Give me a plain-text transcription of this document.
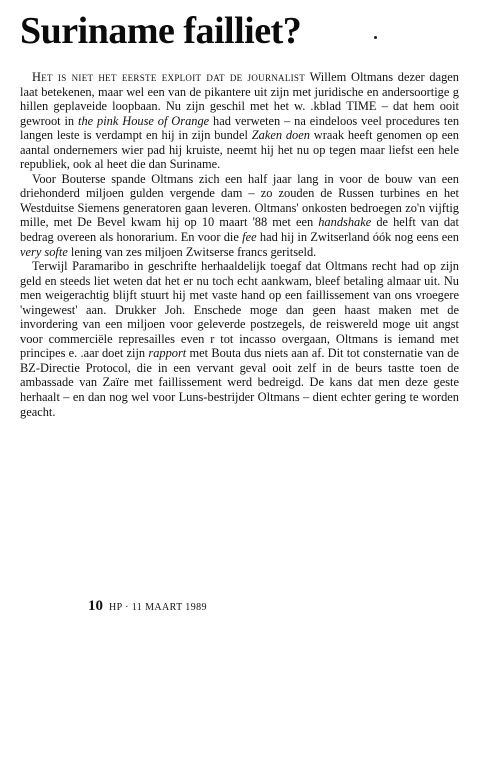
Suriname failliet?

Het is niet het eerste exploit dat de journalist Willem Oltmans dezer dagen laat betekenen, maar wel een van de pikantere uit zijn met juridische en andersoortige g hillen geplaveide loopbaan. Nu zijn geschil met het w. .kblad TIME – dat hem ooit gewroot in the pink House of Orange had verweten – na eindeloos veel procedures ten langen leste is verdampt en hij in zijn bundel Zaken doen wraak heeft genomen op een aantal ondernemers wier pad hij kruiste, neemt hij het nu op tegen maar liefst een hele republiek, ook al heet die dan Suriname.

Voor Bouterse spande Oltmans zich een half jaar lang in voor de bouw van een driehonderd miljoen gulden vergende dam – zo zouden de Russen turbines en het Westduitse Siemens generatoren gaan leveren. Oltmans' onkosten bedroegen zo'n vijftig mille, met De Bevel kwam hij op 10 maart '88 met een handshake de helft van dat bedrag overeen als honorarium. En voor die fee had hij in Zwitserland óók nog eens een very softe lening van zes miljoen Zwitserse francs geritseld.

Terwijl Paramaribo in geschrifte herhaaldelijk toegaf dat Oltmans recht had op zijn geld en steeds liet weten dat het er nu toch echt aankwam, bleef betaling almaar uit. Nu men weigerachtig blijft stuurt hij met vaste hand op een faillissement van ons vroegere 'wingewest' aan. Drukker Joh. Enschede moge dan geen haast maken met de invordering van een miljoen voor geleverde postzegels, de reiswereld moge uit angst voor commerciële represailles even r tot incasso overgaan, Oltmans is iemand met principes e. .aar doet zijn rapport met Bouta dus niets aan af. Dit tot consternatie van de BZ-Directie Protocol, die in een vervant geval ooit zelf in de beurs tastte toen de ambassade van Zaïre met faillissement werd bedreigd. De kans dat men deze geste herhaalt – en dan nog wel voor Luns-bestrijder Oltmans – dient echter gering te worden geacht.

10 HP · 11 MAART 1989
